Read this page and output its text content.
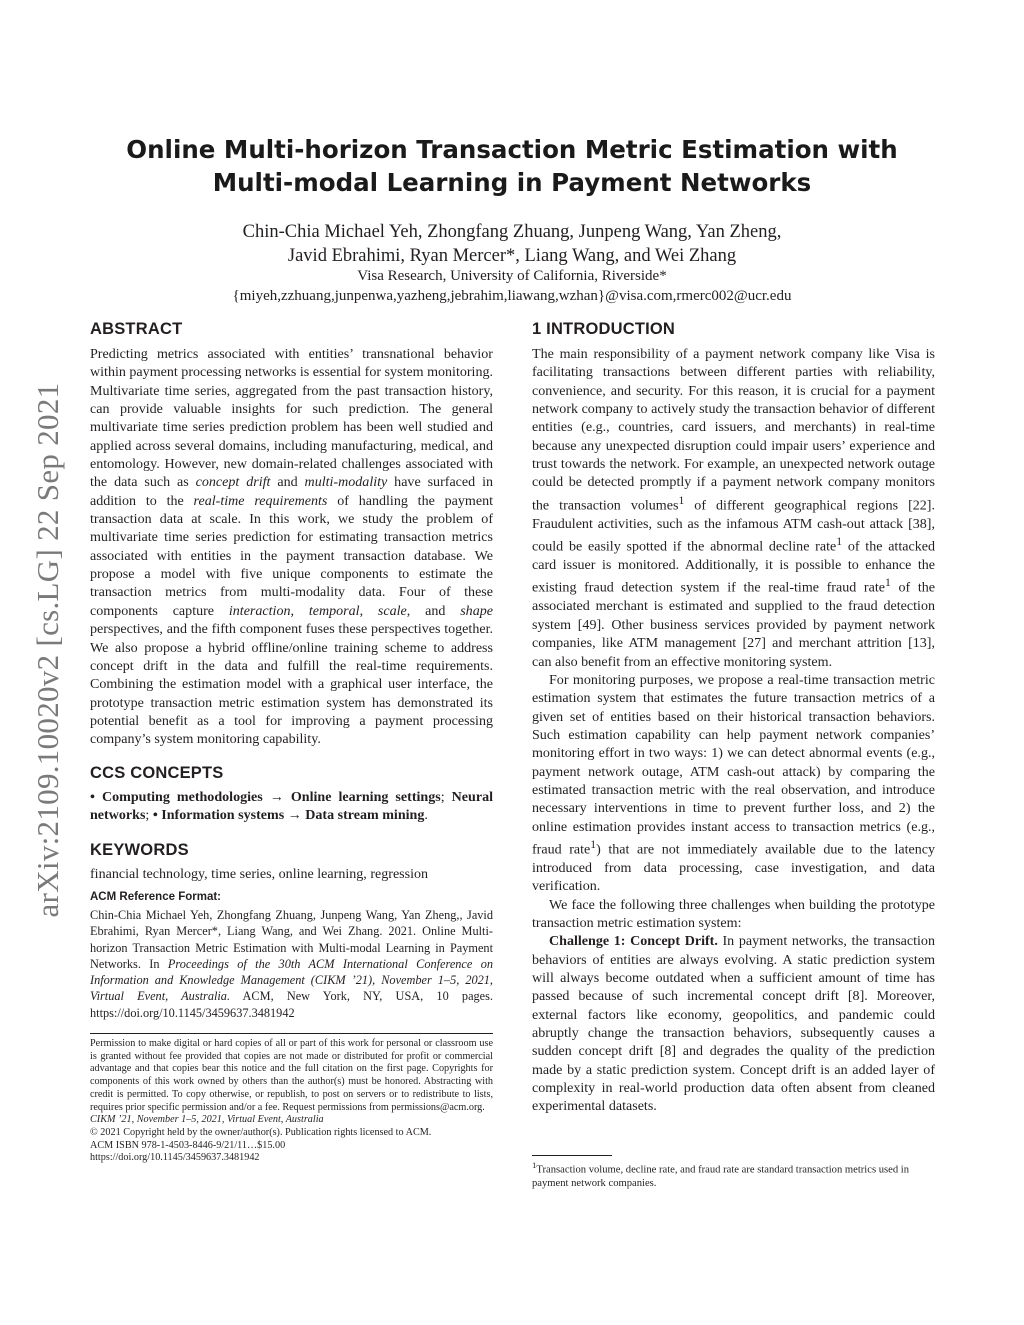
Online Multi-horizon Transaction Metric Estimation with
Multi-modal Learning in Payment Networks
Chin-Chia Michael Yeh, Zhongfang Zhuang, Junpeng Wang, Yan Zheng,
Javid Ebrahimi, Ryan Mercer*, Liang Wang, and Wei Zhang
Visa Research, University of California, Riverside*
{miyeh,zzhuang,junpenwa,yazheng,jebrahim,liawang,wzhan}@visa.com,rmerc002@ucr.edu
arXiv:2109.10020v2 [cs.LG] 22 Sep 2021
ABSTRACT

Predicting metrics associated with entities’ transnational behavior within payment processing networks is essential for system monitoring. Multivariate time series, aggregated from the past transaction history, can provide valuable insights for such prediction. The general multivariate time series prediction problem has been well studied and applied across several domains, including manufacturing, medical, and entomology. However, new domain-related challenges associated with the data such as concept drift and multi-modality have surfaced in addition to the real-time requirements of handling the payment transaction data at scale. In this work, we study the problem of multivariate time series prediction for estimating transaction metrics associated with entities in the payment transaction database. We propose a model with five unique components to estimate the transaction metrics from multi-modality data. Four of these components capture interaction, temporal, scale, and shape perspectives, and the fifth component fuses these perspectives together. We also propose a hybrid offline/online training scheme to address concept drift in the data and fulfill the real-time requirements. Combining the estimation model with a graphical user interface, the prototype transaction metric estimation system has demonstrated its potential benefit as a tool for improving a payment processing company’s system monitoring capability.

CCS CONCEPTS

• Computing methodologies → Online learning settings; Neural networks; • Information systems → Data stream mining.

KEYWORDS
financial technology, time series, online learning, regression
ACM Reference Format:
Chin-Chia Michael Yeh, Zhongfang Zhuang, Junpeng Wang, Yan Zheng,, Javid Ebrahimi, Ryan Mercer*, Liang Wang, and Wei Zhang. 2021. Online Multi-horizon Transaction Metric Estimation with Multi-modal Learning in Payment Networks. In Proceedings of the 30th ACM International Conference on Information and Knowledge Management (CIKM ’21), November 1–5, 2021, Virtual Event, Australia. ACM, New York, NY, USA, 10 pages. https://doi.org/10.1145/3459637.3481942
Permission to make digital or hard copies of all or part of this work for personal or classroom use is granted without fee provided that copies are not made or distributed for profit or commercial advantage and that copies bear this notice and the full citation on the first page. Copyrights for components of this work owned by others than the author(s) must be honored. Abstracting with credit is permitted. To copy otherwise, or republish, to post on servers or to redistribute to lists, requires prior specific permission and/or a fee. Request permissions from permissions@acm.org.
CIKM ’21, November 1–5, 2021, Virtual Event, Australia
© 2021 Copyright held by the owner/author(s). Publication rights licensed to ACM.
ACM ISBN 978-1-4503-8446-9/21/11…$15.00
https://doi.org/10.1145/3459637.3481942
1 INTRODUCTION

The main responsibility of a payment network company like Visa is facilitating transactions between different parties with reliability, convenience, and security. For this reason, it is crucial for a payment network company to actively study the transaction behavior of different entities (e.g., countries, card issuers, and merchants) in real-time because any unexpected disruption could impair users’ experience and trust towards the network. For example, an unexpected network outage could be detected promptly if a payment network company monitors the transaction volumes$^1$ of different geographical regions [22]. Fraudulent activities, such as the infamous ATM cash-out attack [38], could be easily spotted if the abnormal decline rate$^1$ of the attacked card issuer is monitored. Additionally, it is possible to enhance the existing fraud detection system if the real-time fraud rate$^1$ of the associated merchant is estimated and supplied to the fraud detection system [49]. Other business services provided by payment network companies, like ATM management [27] and merchant attrition [13], can also benefit from an effective monitoring system.

For monitoring purposes, we propose a real-time transaction metric estimation system that estimates the future transaction metrics of a given set of entities based on their historical transaction behaviors. Such estimation capability can help payment network companies’ monitoring effort in two ways: 1) we can detect abnormal events (e.g., payment network outage, ATM cash-out attack) by comparing the estimated transaction metric with the real observation, and introduce necessary interventions in time to prevent further loss, and 2) the online estimation provides instant access to transaction metrics (e.g., fraud rate$^1$) that are not immediately available due to the latency introduced from data processing, case investigation, and data verification.

We face the following three challenges when building the prototype transaction metric estimation system:

Challenge 1: Concept Drift. In payment networks, the transaction behaviors of entities are always evolving. A static prediction system will always become outdated when a sufficient amount of time has passed because of such incremental concept drift [8]. Moreover, external factors like economy, geopolitics, and pandemic could abruptly change the transaction behaviors, subsequently causes a sudden concept drift [8] and degrades the quality of the prediction made by a static prediction system. Concept drift is an added layer of complexity in real-world production data often absent from cleaned experimental datasets.

$^1$Transaction volume, decline rate, and fraud rate are standard transaction metrics used in payment network companies.
